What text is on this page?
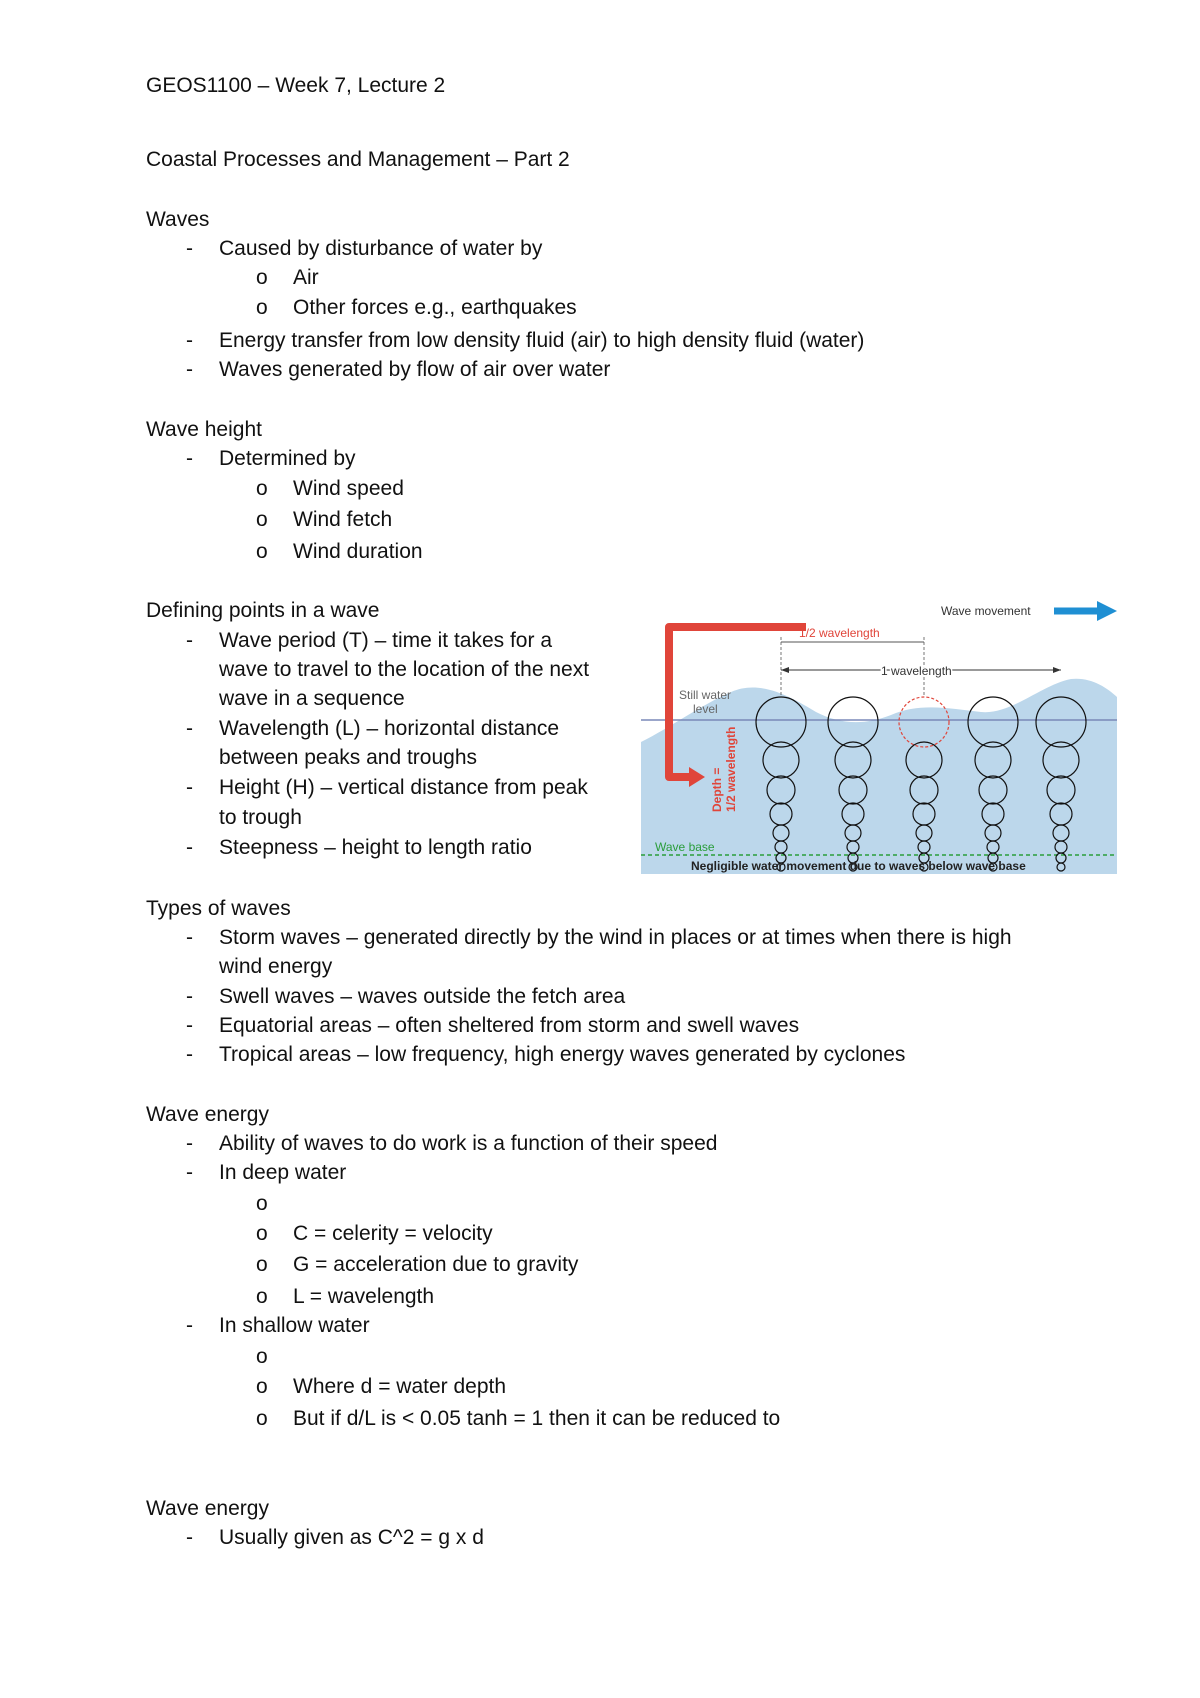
GEOS1100 – Week 7, Lecture 2
Coastal Processes and Management – Part 2
Waves
- Caused by disturbance of water by
o Air
o Other forces e.g., earthquakes
- Energy transfer from low density fluid (air) to high density fluid (water)
- Waves generated by flow of air over water
Wave height
- Determined by
o Wind speed
o Wind fetch
o Wind duration
Defining points in a wave
- Wave period (T) – time it takes for a
wave to travel to the location of the next
wave in a sequence
- Wavelength (L) – horizontal distance
between peaks and troughs
- Height (H) – vertical distance from peak
to trough
- Steepness – height to length ratio
Wave movement
1/2 wavelength
1 wavelength
Still water
level
Depth = 1/2 wavelength
Wave base
Negligible water movement due to waves below wave base
Types of waves
- Storm waves – generated directly by the wind in places or at times when there is high
wind energy
- Swell waves – waves outside the fetch area
- Equatorial areas – often sheltered from storm and swell waves
- Tropical areas – low frequency, high energy waves generated by cyclones
Wave energy
- Ability of waves to do work is a function of their speed
- In deep water
o
o C = celerity = velocity
o G = acceleration due to gravity
o L = wavelength
- In shallow water
o
o Where d = water depth
o But if d/L is < 0.05 tanh = 1 then it can be reduced to
Wave energy
- Usually given as C^2 = g x d
